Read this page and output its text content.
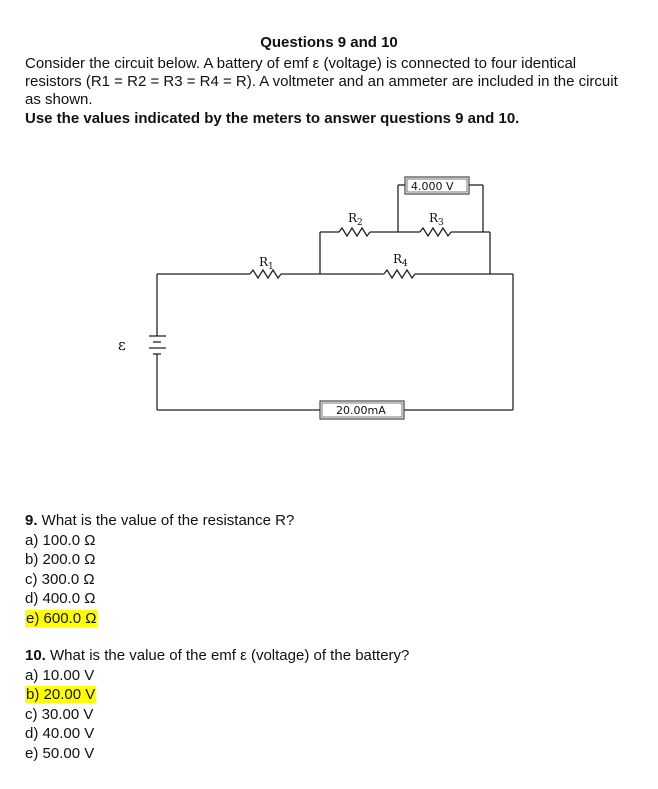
Questions 9 and 10
Consider the circuit below. A battery of emf ε (voltage) is connected to four identical resistors (R1 = R2 = R3 = R4 = R). A voltmeter and an ammeter are included in the circuit as shown.
Use the values indicated by the meters to answer questions 9 and 10.
ε
4.000 V
20.00mA
$R_1$
$R_2$	$R_3$
$R_4$
9. What is the value of the resistance R?
a) 100.0 Ω
b) 200.0 Ω
c) 300.0 Ω
d) 400.0 Ω
e) 600.0 Ω
10. What is the value of the emf ε (voltage) of the battery?
a) 10.00 V
b) 20.00 V
c) 30.00 V
d) 40.00 V
e) 50.00 V
